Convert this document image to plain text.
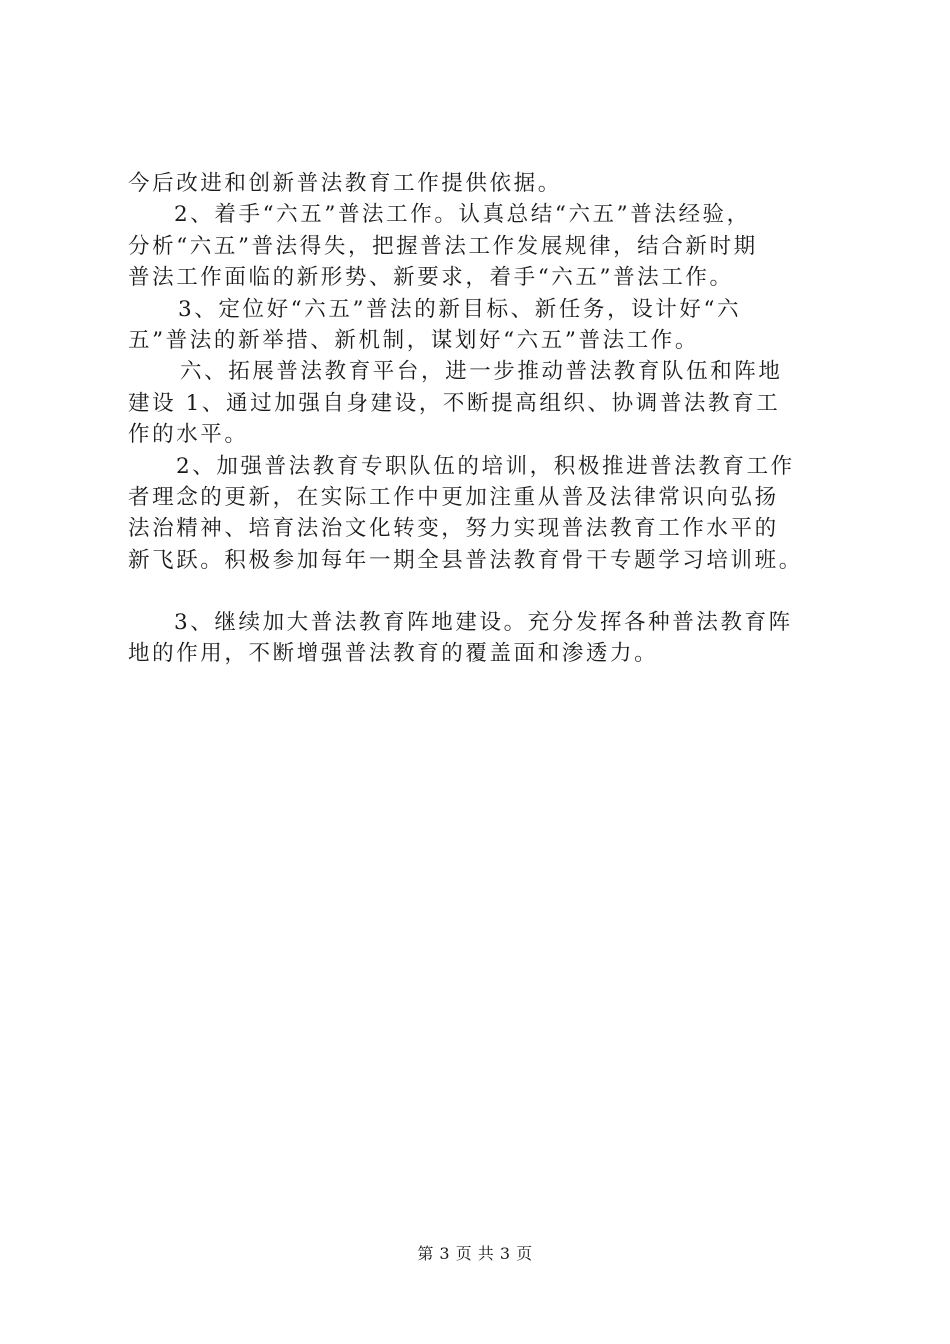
今后改进和创新普法教育工作提供依据。
2、着手“六五”普法工作。认真总结“六五”普法经验，
分析“六五”普法得失，把握普法工作发展规律，结合新时期
普法工作面临的新形势、新要求，着手“六五”普法工作。
3、定位好“六五”普法的新目标、新任务，设计好“六
五”普法的新举措、新机制，谋划好“六五”普法工作。
六、拓展普法教育平台，进一步推动普法教育队伍和阵地
建设 1、通过加强自身建设，不断提高组织、协调普法教育工
作的水平。
2、加强普法教育专职队伍的培训，积极推进普法教育工作
者理念的更新，在实际工作中更加注重从普及法律常识向弘扬
法治精神、培育法治文化转变，努力实现普法教育工作水平的
新飞跃。积极参加每年一期全县普法教育骨干专题学习培训班。
3、继续加大普法教育阵地建设。充分发挥各种普法教育阵
地的作用，不断增强普法教育的覆盖面和渗透力。
第 3 页 共 3 页
